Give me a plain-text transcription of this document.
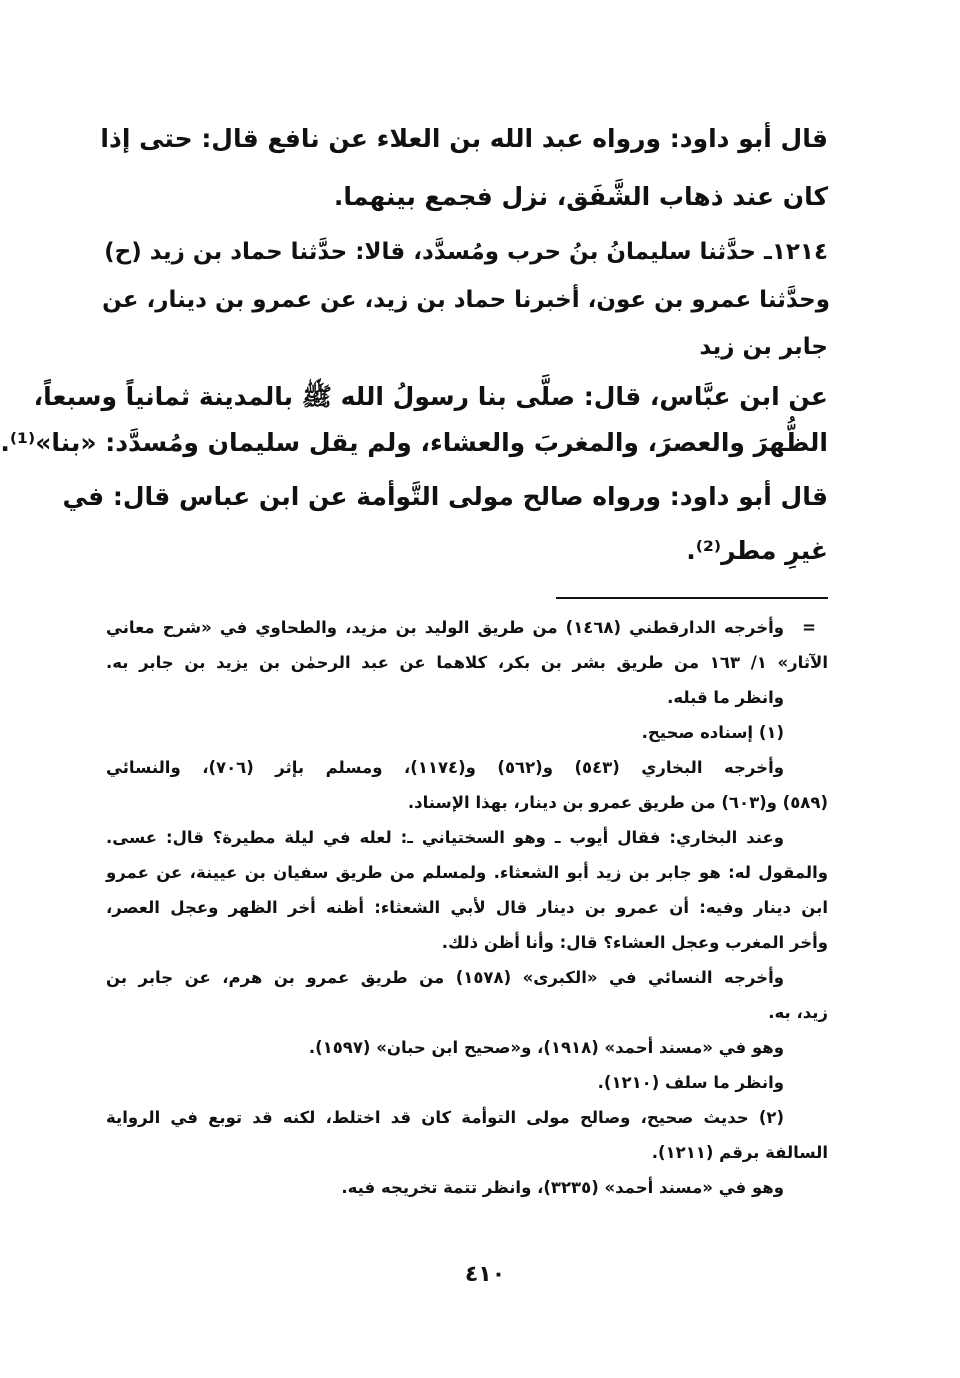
قال أبو داود: ورواه عبد الله بن العلاء عن نافع قال: حتى إذا
كان عند ذهاب الشَّفَق، نزل فجمع بينهما.
١٢١٤ـ حدَّثنا سليمانُ بنُ حرب ومُسدَّد، قالا: حدَّثنا حماد بن زيد (ح)
وحدَّثنا عمرو بن عون، أخبرنا حماد بن زيد، عن عمرو بن دينار، عن
جابر بن زيد
عن ابن عبَّاس، قال: صلَّى بنا رسولُ الله ﷺ بالمدينة ثمانياً وسبعاً،
الظُّهرَ والعصرَ، والمغربَ والعشاء، ولم يقل سليمان ومُسدَّد: «بنا»⁽¹⁾.
قال أبو داود: ورواه صالح مولى التَّوأمة عن ابن عباس قال: في
غيرِ مطر⁽²⁾.
=
وأخرجه الدارقطني (١٤٦٨) من طريق الوليد بن مزيد، والطحاوي في «شرح معاني
الآثار» ١/ ١٦٣ من طريق بشر بن بكر، كلاهما عن عبد الرحمٰن بن يزيد بن جابر به.
وانظر ما قبله.
(١) إسناده صحيح.
وأخرجه البخاري (٥٤٣) و(٥٦٢) و(١١٧٤)، ومسلم بإثر (٧٠٦)، والنسائي
(٥٨٩) و(٦٠٣) من طريق عمرو بن دينار، بهذا الإسناد.
وعند البخاري: فقال أيوب ـ وهو السختياني ـ: لعله في ليلة مطيرة؟ قال: عسى.
والمقول له: هو جابر بن زيد أبو الشعثاء. ولمسلم من طريق سفيان بن عيينة، عن عمرو
ابن دينار وفيه: أن عمرو بن دينار قال لأبي الشعثاء: أظنه أخر الظهر وعجل العصر،
وأخر المغرب وعجل العشاء؟ قال: وأنا أظن ذلك.
وأخرجه النسائي في «الكبرى» (١٥٧٨) من طريق عمرو بن هرم، عن جابر بن
زيد، به.
وهو في «مسند أحمد» (١٩١٨)، و«صحيح ابن حبان» (١٥٩٧).
وانظر ما سلف (١٢١٠).
(٢) حديث صحيح، وصالح مولى التوأمة كان قد اختلط، لكنه قد توبع في الرواية
السالفة برقم (١٢١١).
وهو في «مسند أحمد» (٣٢٣٥)، وانظر تتمة تخريجه فيه.
٤١٠
